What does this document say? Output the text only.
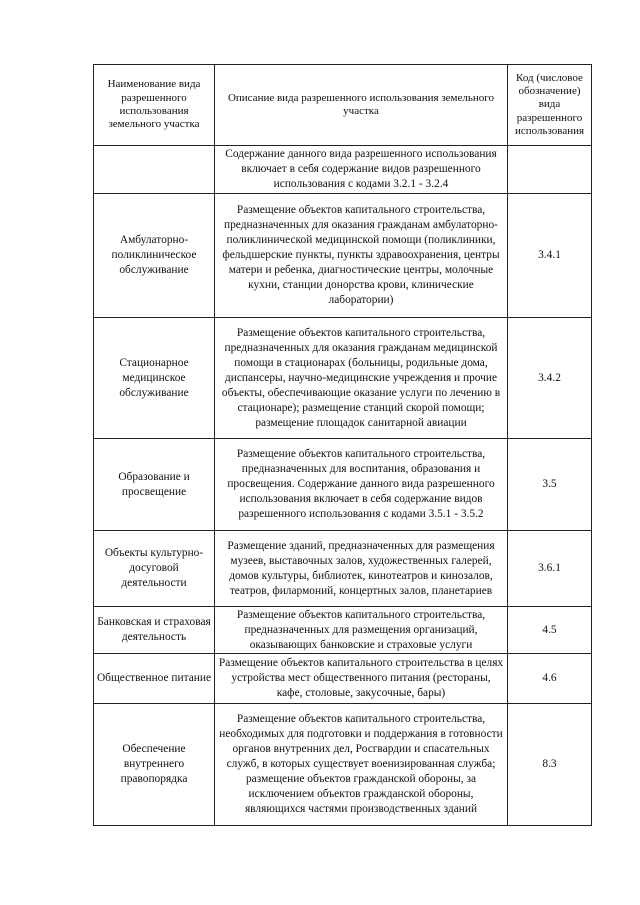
Наименование вида разрешенного использования земельного участка	Описание вида разрешенного использования земельного участка	Код (числовое обозначение) вида разрешенного использования
	Содержание данного вида разрешенного использования включает в себя содержание видов разрешенного использования с кодами 3.2.1 - 3.2.4	
Амбулаторно-поликлиническое обслуживание	Размещение объектов капитального строительства, предназначенных для оказания гражданам амбулаторно-поликлинической медицинской помощи (поликлиники, фельдшерские пункты, пункты здравоохранения, центры матери и ребенка, диагностические центры, молочные кухни, станции донорства крови, клинические лаборатории)	3.4.1
Стационарное медицинское обслуживание	Размещение объектов капитального строительства, предназначенных для оказания гражданам медицинской помощи в стационарах (больницы, родильные дома, диспансеры, научно-медицинские учреждения и прочие объекты, обеспечивающие оказание услуги по лечению в стационаре); размещение станций скорой помощи; размещение площадок санитарной авиации	3.4.2
Образование и просвещение	Размещение объектов капитального строительства, предназначенных для воспитания, образования и просвещения. Содержание данного вида разрешенного использования включает в себя содержание видов разрешенного использования с кодами 3.5.1 - 3.5.2	3.5
Объекты культурно-досуговой деятельности	Размещение зданий, предназначенных для размещения музеев, выставочных залов, художественных галерей, домов культуры, библиотек, кинотеатров и кинозалов, театров, филармоний, концертных залов, планетариев	3.6.1
Банковская и страховая деятельность	Размещение объектов капитального строительства, предназначенных для размещения организаций, оказывающих банковские и страховые услуги	4.5
Общественное питание	Размещение объектов капитального строительства в целях устройства мест общественного питания (рестораны, кафе, столовые, закусочные, бары)	4.6
Обеспечение внутреннего правопорядка	Размещение объектов капитального строительства, необходимых для подготовки и поддержания в готовности органов внутренних дел, Росгвардии и спасательных служб, в которых существует военизированная служба; размещение объектов гражданской обороны, за исключением объектов гражданской обороны, являющихся частями производственных зданий	8.3
